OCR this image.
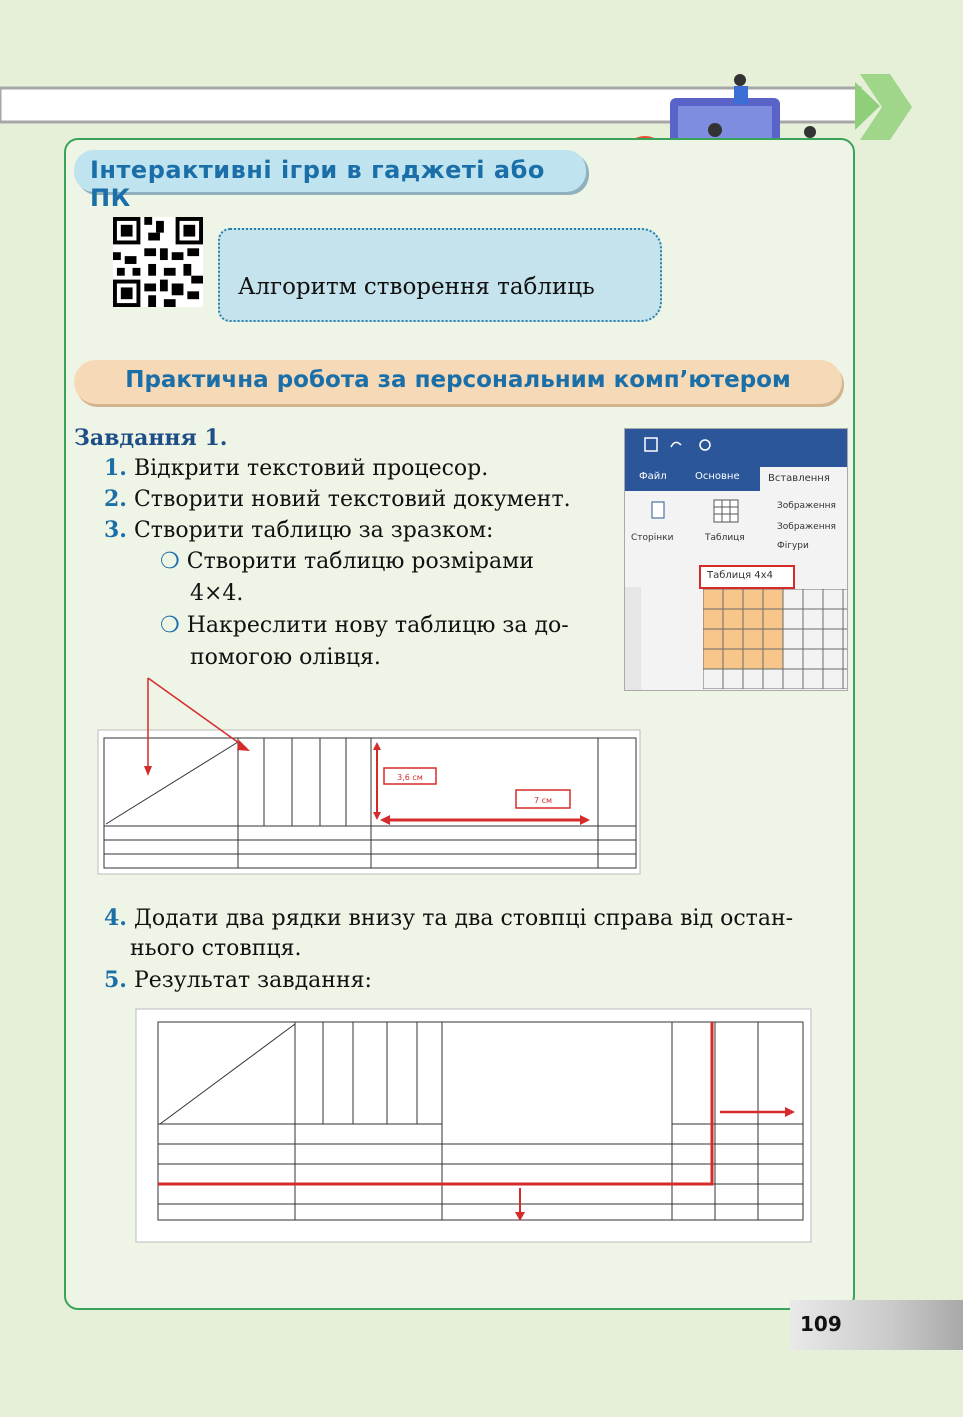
Інтерактивні ігри в гаджеті або ПК
Алгоритм створення таблиць
Практична робота за персональним комп’ютером
Завдання 1.
1. Відкрити текстовий процесор.
2. Створити новий текстовий документ.
3. Створити таблицю за зразком:
❍ Створити таблицю розмірами
4×4.
❍ Накреслити нову таблицю за до-
помогою олівця.
Файл	Основне	Вставлення
Сторінки	Таблиця
Зображення
Зображення
Фігури
Таблиця 4x4
3,6 см
7 см
4. Додати два рядки внизу та два стовпці справа від остан-
нього стовпця.
5. Результат завдання:
109
